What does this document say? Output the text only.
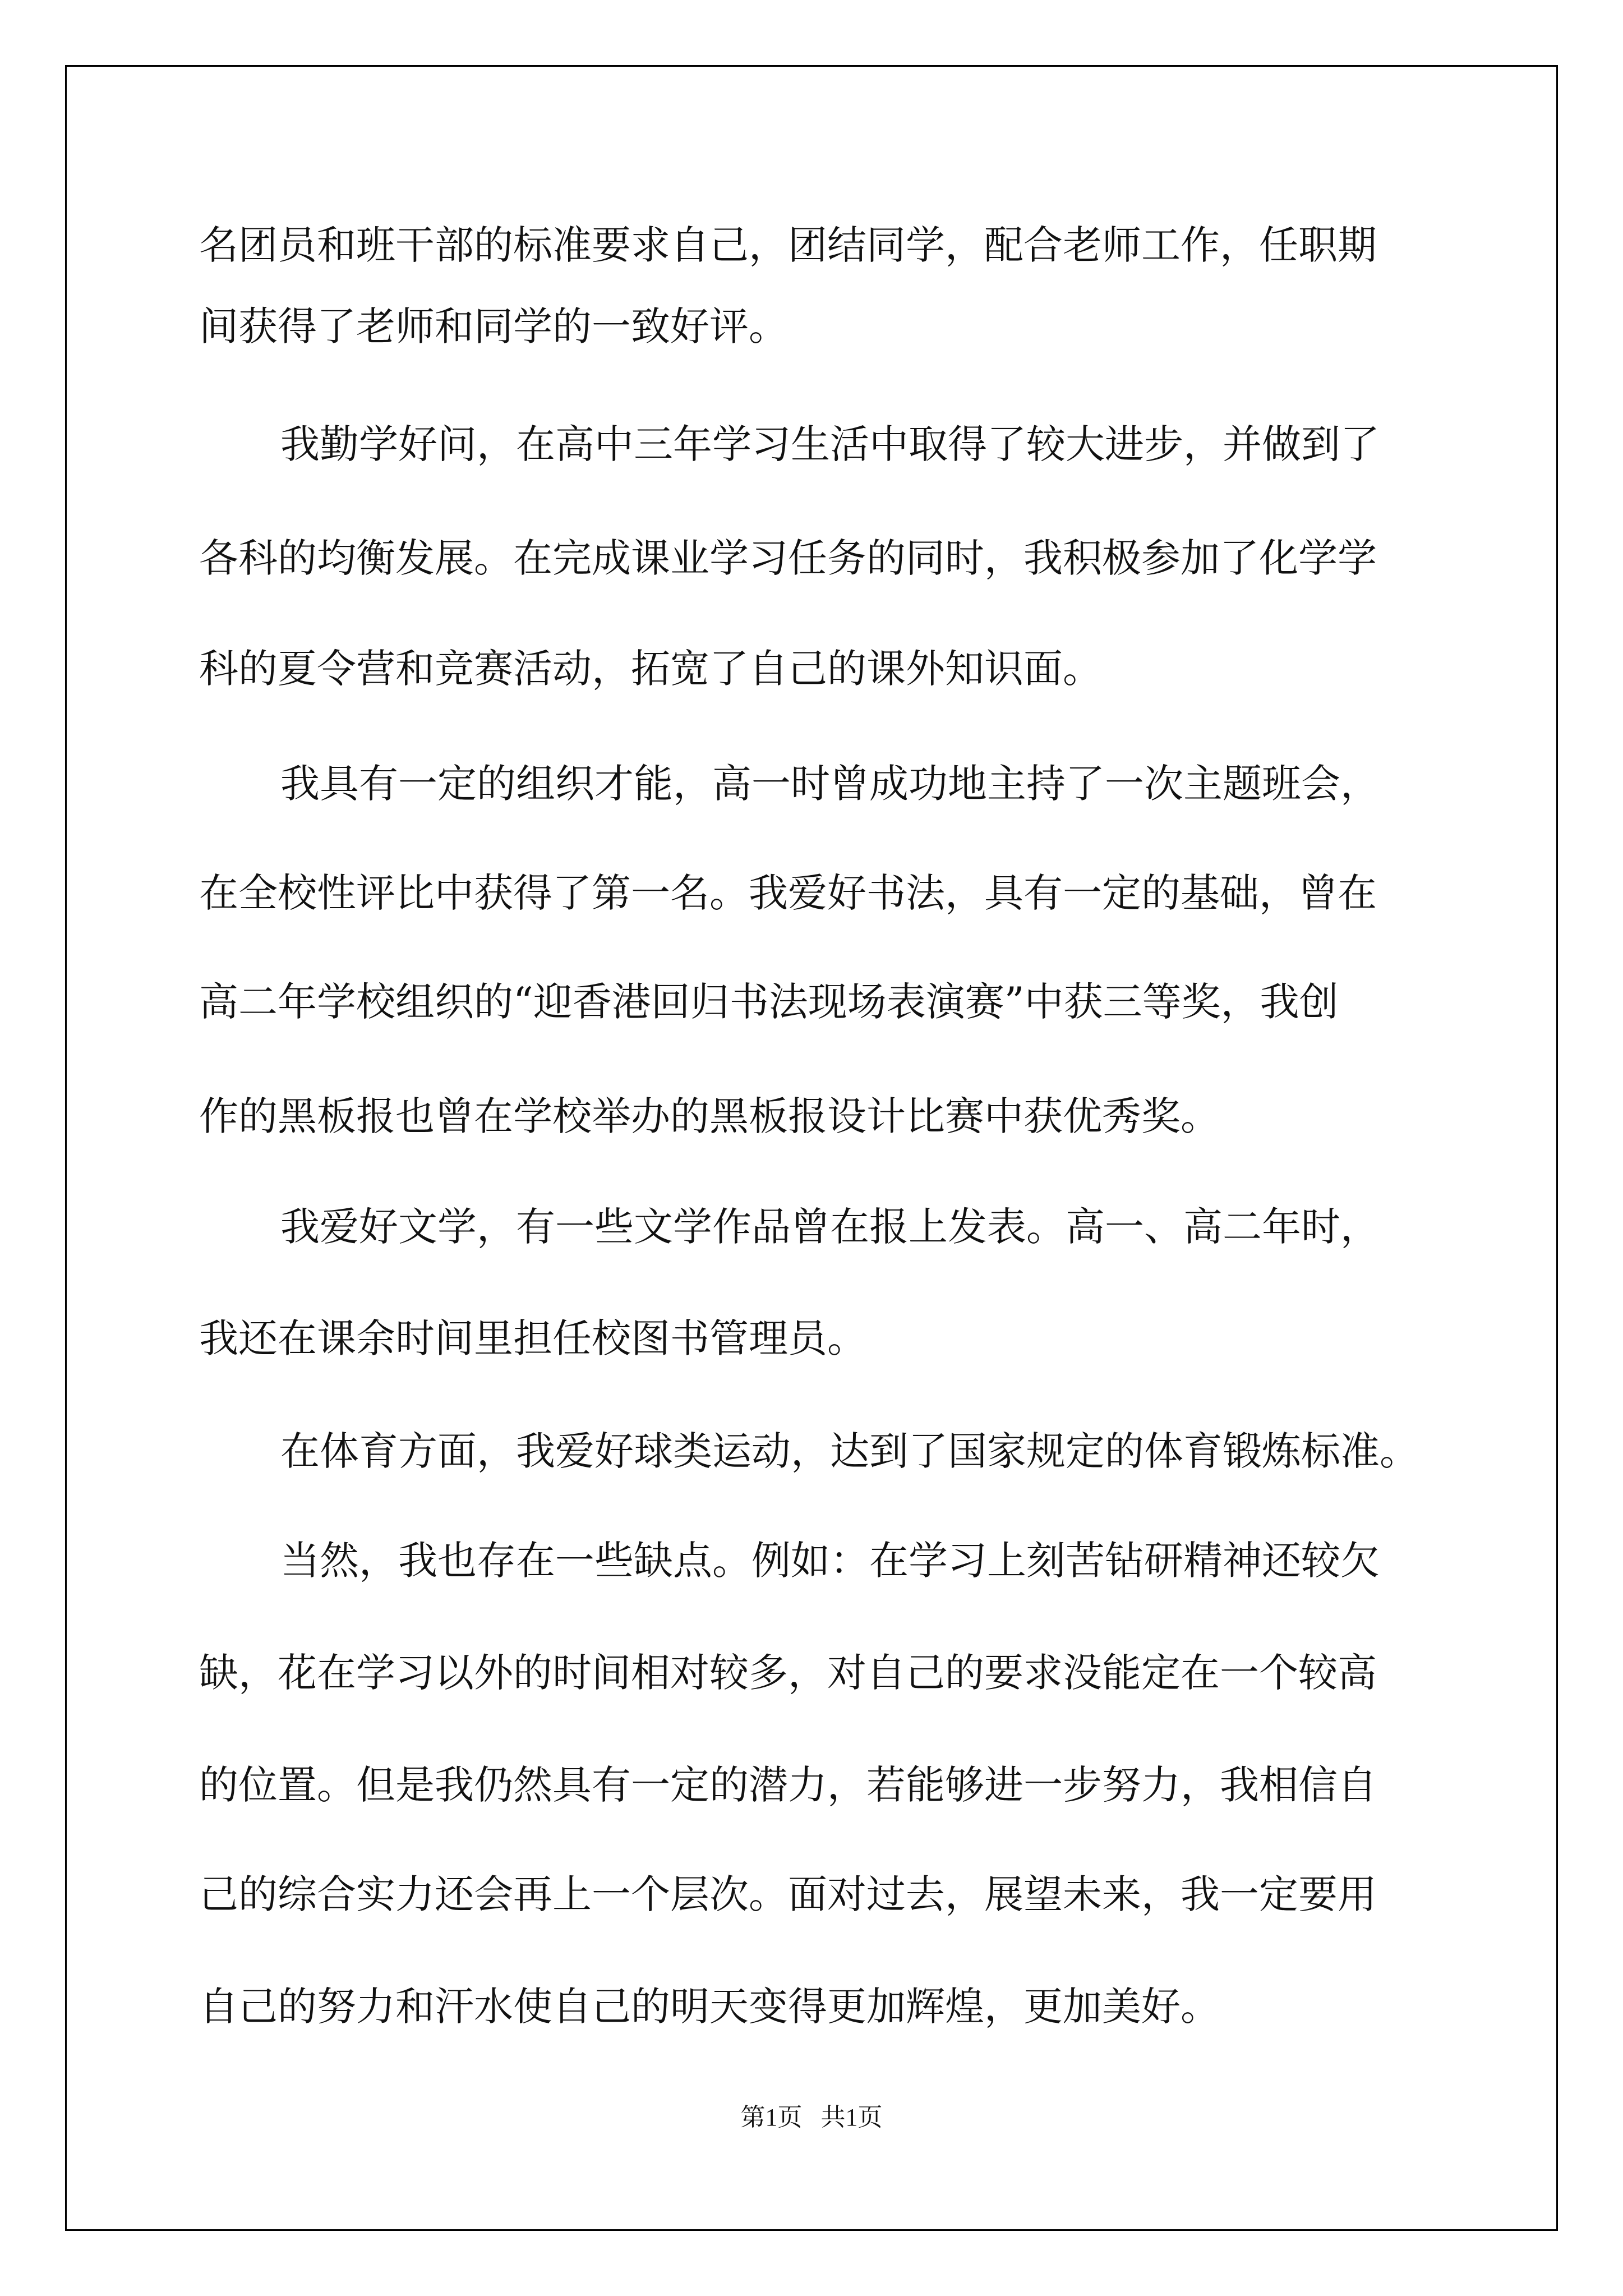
名团员和班干部的标准要求自己，团结同学，配合老师工作，任职期
间获得了老师和同学的一致好评。
我勤学好问，在高中三年学习生活中取得了较大进步，并做到了
各科的均衡发展。在完成课业学习任务的同时，我积极参加了化学学
科的夏令营和竞赛活动，拓宽了自己的课外知识面。
我具有一定的组织才能，高一时曾成功地主持了一次主题班会，
在全校性评比中获得了第一名。我爱好书法，具有一定的基础，曾在
高二年学校组织的“迎香港回归书法现场表演赛”中获三等奖，我创
作的黑板报也曾在学校举办的黑板报设计比赛中获优秀奖。
我爱好文学，有一些文学作品曾在报上发表。高一、高二年时，
我还在课余时间里担任校图书管理员。
在体育方面，我爱好球类运动，达到了国家规定的体育锻炼标准。
当然，我也存在一些缺点。例如：在学习上刻苦钻研精神还较欠
缺，花在学习以外的时间相对较多，对自己的要求没能定在一个较高
的位置。但是我仍然具有一定的潜力，若能够进一步努力，我相信自
己的综合实力还会再上一个层次。面对过去，展望未来，我一定要用
自己的努力和汗水使自己的明天变得更加辉煌，更加美好。
第1页   共1页
